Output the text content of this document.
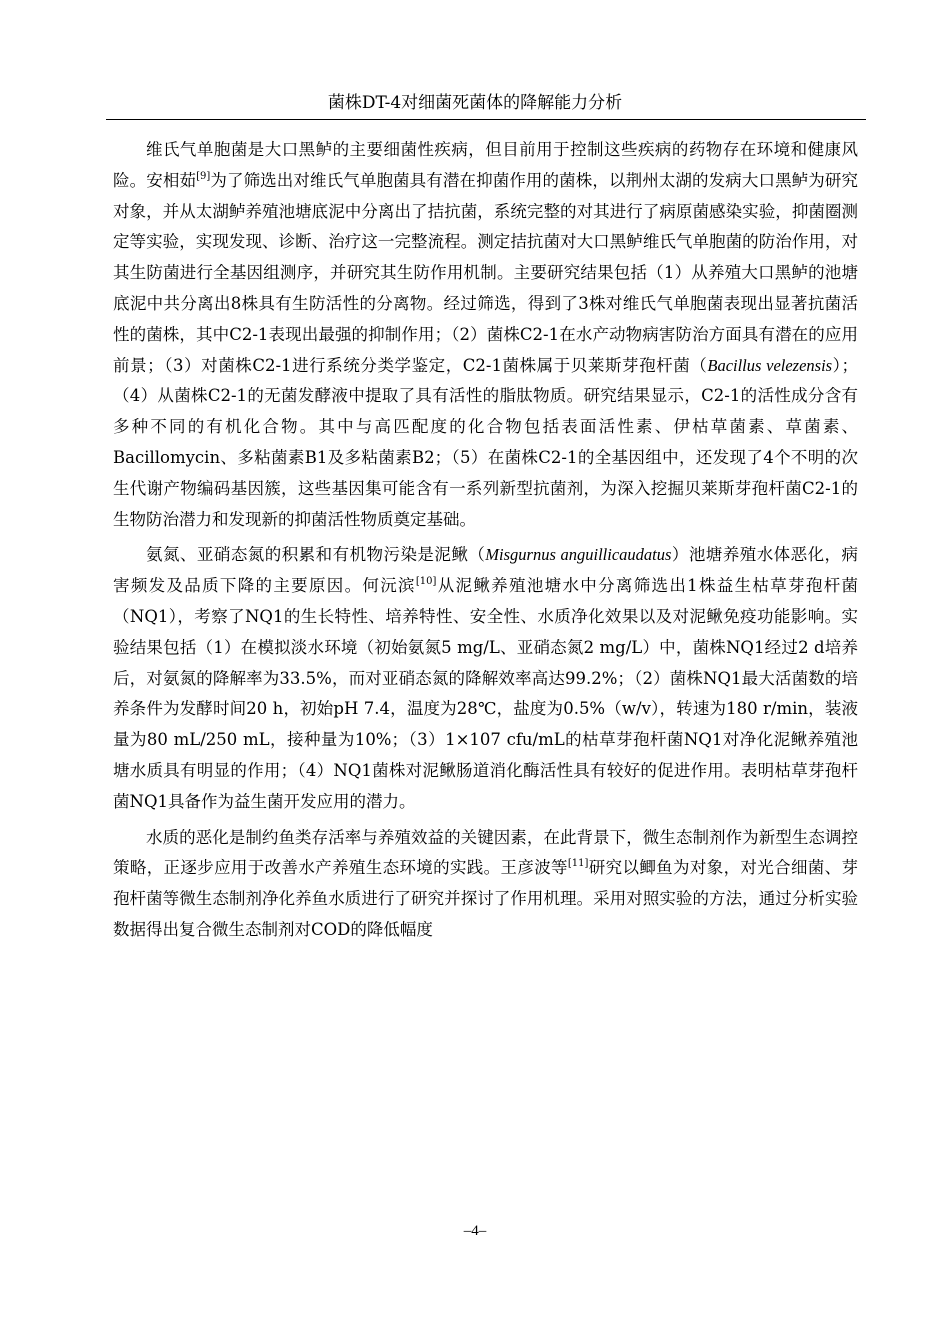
菌株DT-4对细菌死菌体的降解能力分析

维氏气单胞菌是大口黑鲈的主要细菌性疾病，但目前用于控制这些疾病的药物存在环境和健康风险。安相茹[9]为了筛选出对维氏气单胞菌具有潜在抑菌作用的菌株，以荆州太湖的发病大口黑鲈为研究对象，并从太湖鲈养殖池塘底泥中分离出了拮抗菌，系统完整的对其进行了病原菌感染实验，抑菌圈测定等实验，实现发现、诊断、治疗这一完整流程。测定拮抗菌对大口黑鲈维氏气单胞菌的防治作用，对其生防菌进行全基因组测序，并研究其生防作用机制。主要研究结果包括（1）从养殖大口黑鲈的池塘底泥中共分离出8株具有生防活性的分离物。经过筛选，得到了3株对维氏气单胞菌表现出显著抗菌活性的菌株，其中C2-1表现出最强的抑制作用；（2）菌株C2-1在水产动物病害防治方面具有潜在的应用前景；（3）对菌株C2-1进行系统分类学鉴定，C2-1菌株属于贝莱斯芽孢杆菌（Bacillus velezensis）；（4）从菌株C2-1的无菌发酵液中提取了具有活性的脂肽物质。研究结果显示，C2-1的活性成分含有多种不同的有机化合物。其中与高匹配度的化合物包括表面活性素、伊枯草菌素、草菌素、Bacillomycin、多粘菌素B1及多粘菌素B2；（5）在菌株C2-1的全基因组中，还发现了4个不明的次生代谢产物编码基因簇，这些基因集可能含有一系列新型抗菌剂，为深入挖掘贝莱斯芽孢杆菌C2-1的生物防治潜力和发现新的抑菌活性物质奠定基础。

氨氮、亚硝态氮的积累和有机物污染是泥鳅（Misgurnus anguillicaudatus）池塘养殖水体恶化，病害频发及品质下降的主要原因。何沅滨[10]从泥鳅养殖池塘水中分离筛选出1株益生枯草芽孢杆菌（NQ1），考察了NQ1的生长特性、培养特性、安全性、水质净化效果以及对泥鳅免疫功能影响。实验结果包括（1）在模拟淡水环境（初始氨氮5 mg/L、亚硝态氮2 mg/L）中，菌株NQ1经过2 d培养后，对氨氮的降解率为33.5%，而对亚硝态氮的降解效率高达99.2%；（2）菌株NQ1最大活菌数的培养条件为发酵时间20 h，初始pH 7.4，温度为28℃，盐度为0.5%（w/v），转速为180 r/min，装液量为80 mL/250 mL，接种量为10%；（3）1×107 cfu/mL的枯草芽孢杆菌NQ1对净化泥鳅养殖池塘水质具有明显的作用；（4）NQ1菌株对泥鳅肠道消化酶活性具有较好的促进作用。表明枯草芽孢杆菌NQ1具备作为益生菌开发应用的潜力。

水质的恶化是制约鱼类存活率与养殖效益的关键因素，在此背景下，微生态制剂作为新型生态调控策略，正逐步应用于改善水产养殖生态环境的实践。王彦波等[11]研究以鲫鱼为对象，对光合细菌、芽孢杆菌等微生态制剂净化养鱼水质进行了研究并探讨了作用机理。采用对照实验的方法，通过分析实验数据得出复合微生态制剂对COD的降低幅度

–4–
